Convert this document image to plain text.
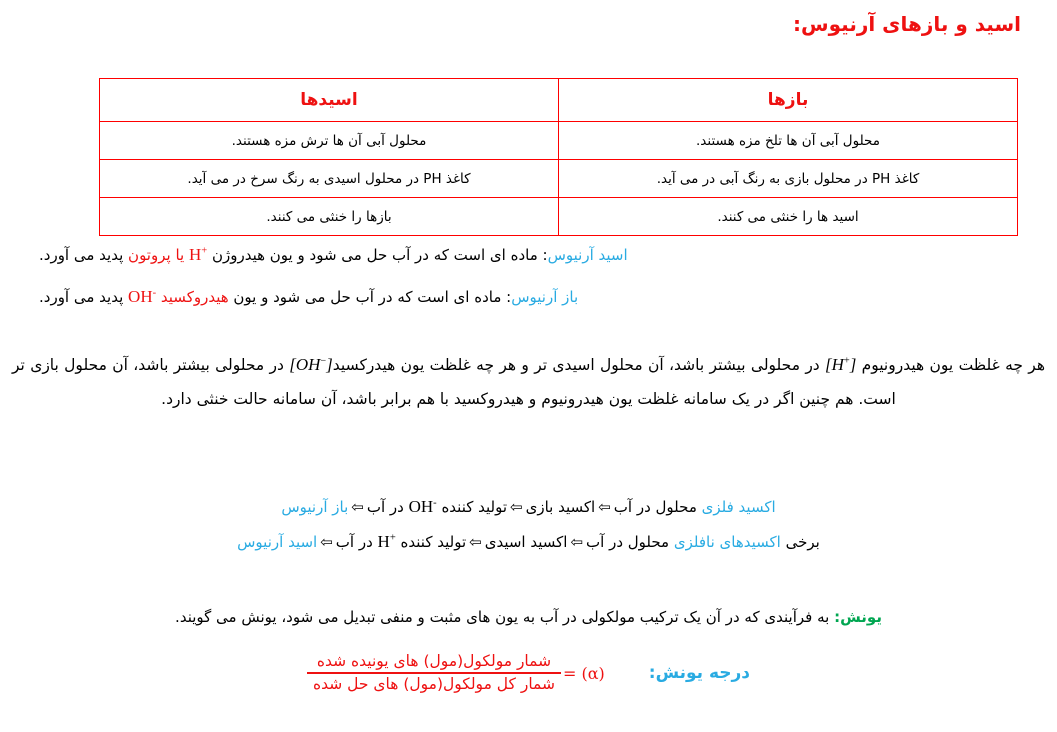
اسید و بازهای آرنیوس:
بازها	اسیدها
محلول آبی آن ها تلخ مزه هستند.	محلول آبی آن ها ترش مزه هستند.
کاغذ PH در محلول بازی به رنگ آبی در می آید.	کاغذ PH در محلول اسیدی به رنگ سرخ در می آید.
اسید ها را خنثی می کنند.	بازها را خنثی می کنند.
اسید آرنیوس: ماده ای است که در آب حل می شود و یون هیدروژن H+ یا پروتون پدید می آورد.
باز آرنیوس: ماده ای است که در آب حل می شود و یون هیدروکسید OH- پدید می آورد.
هر چه غلظت یون هیدرونیوم [H+] در محلولی بیشتر باشد، آن محلول اسیدی تر و هر چه غلظت یون هیدرکسید[OH−] در محلولی بیشتر باشد، آن محلول بازی تر است. هم چنین اگر در یک سامانه غلظت یون هیدرونیوم و هیدروکسید با هم برابر باشد، آن سامانه حالت خنثی دارد.
اکسید فلزی محلول در آب⇦اکسید بازی⇦تولید کننده OH- در آب⇦باز آرنیوس
برخی اکسیدهای نافلزی محلول در آب⇦اکسید اسیدی⇦تولید کننده H+ در آب⇦اسید آرنیوس
یونش: به فرآیندی که در آن یک ترکیب مولکولی در آب به یون های مثبت و منفی تبدیل می شود، یونش می گویند.
درجه یونش:
$\frac{\text{شمار مولکول(مول) های یونیده شده}}{\text{شمار کل مولکول(مول) های حل شده}} = (\alpha)$
